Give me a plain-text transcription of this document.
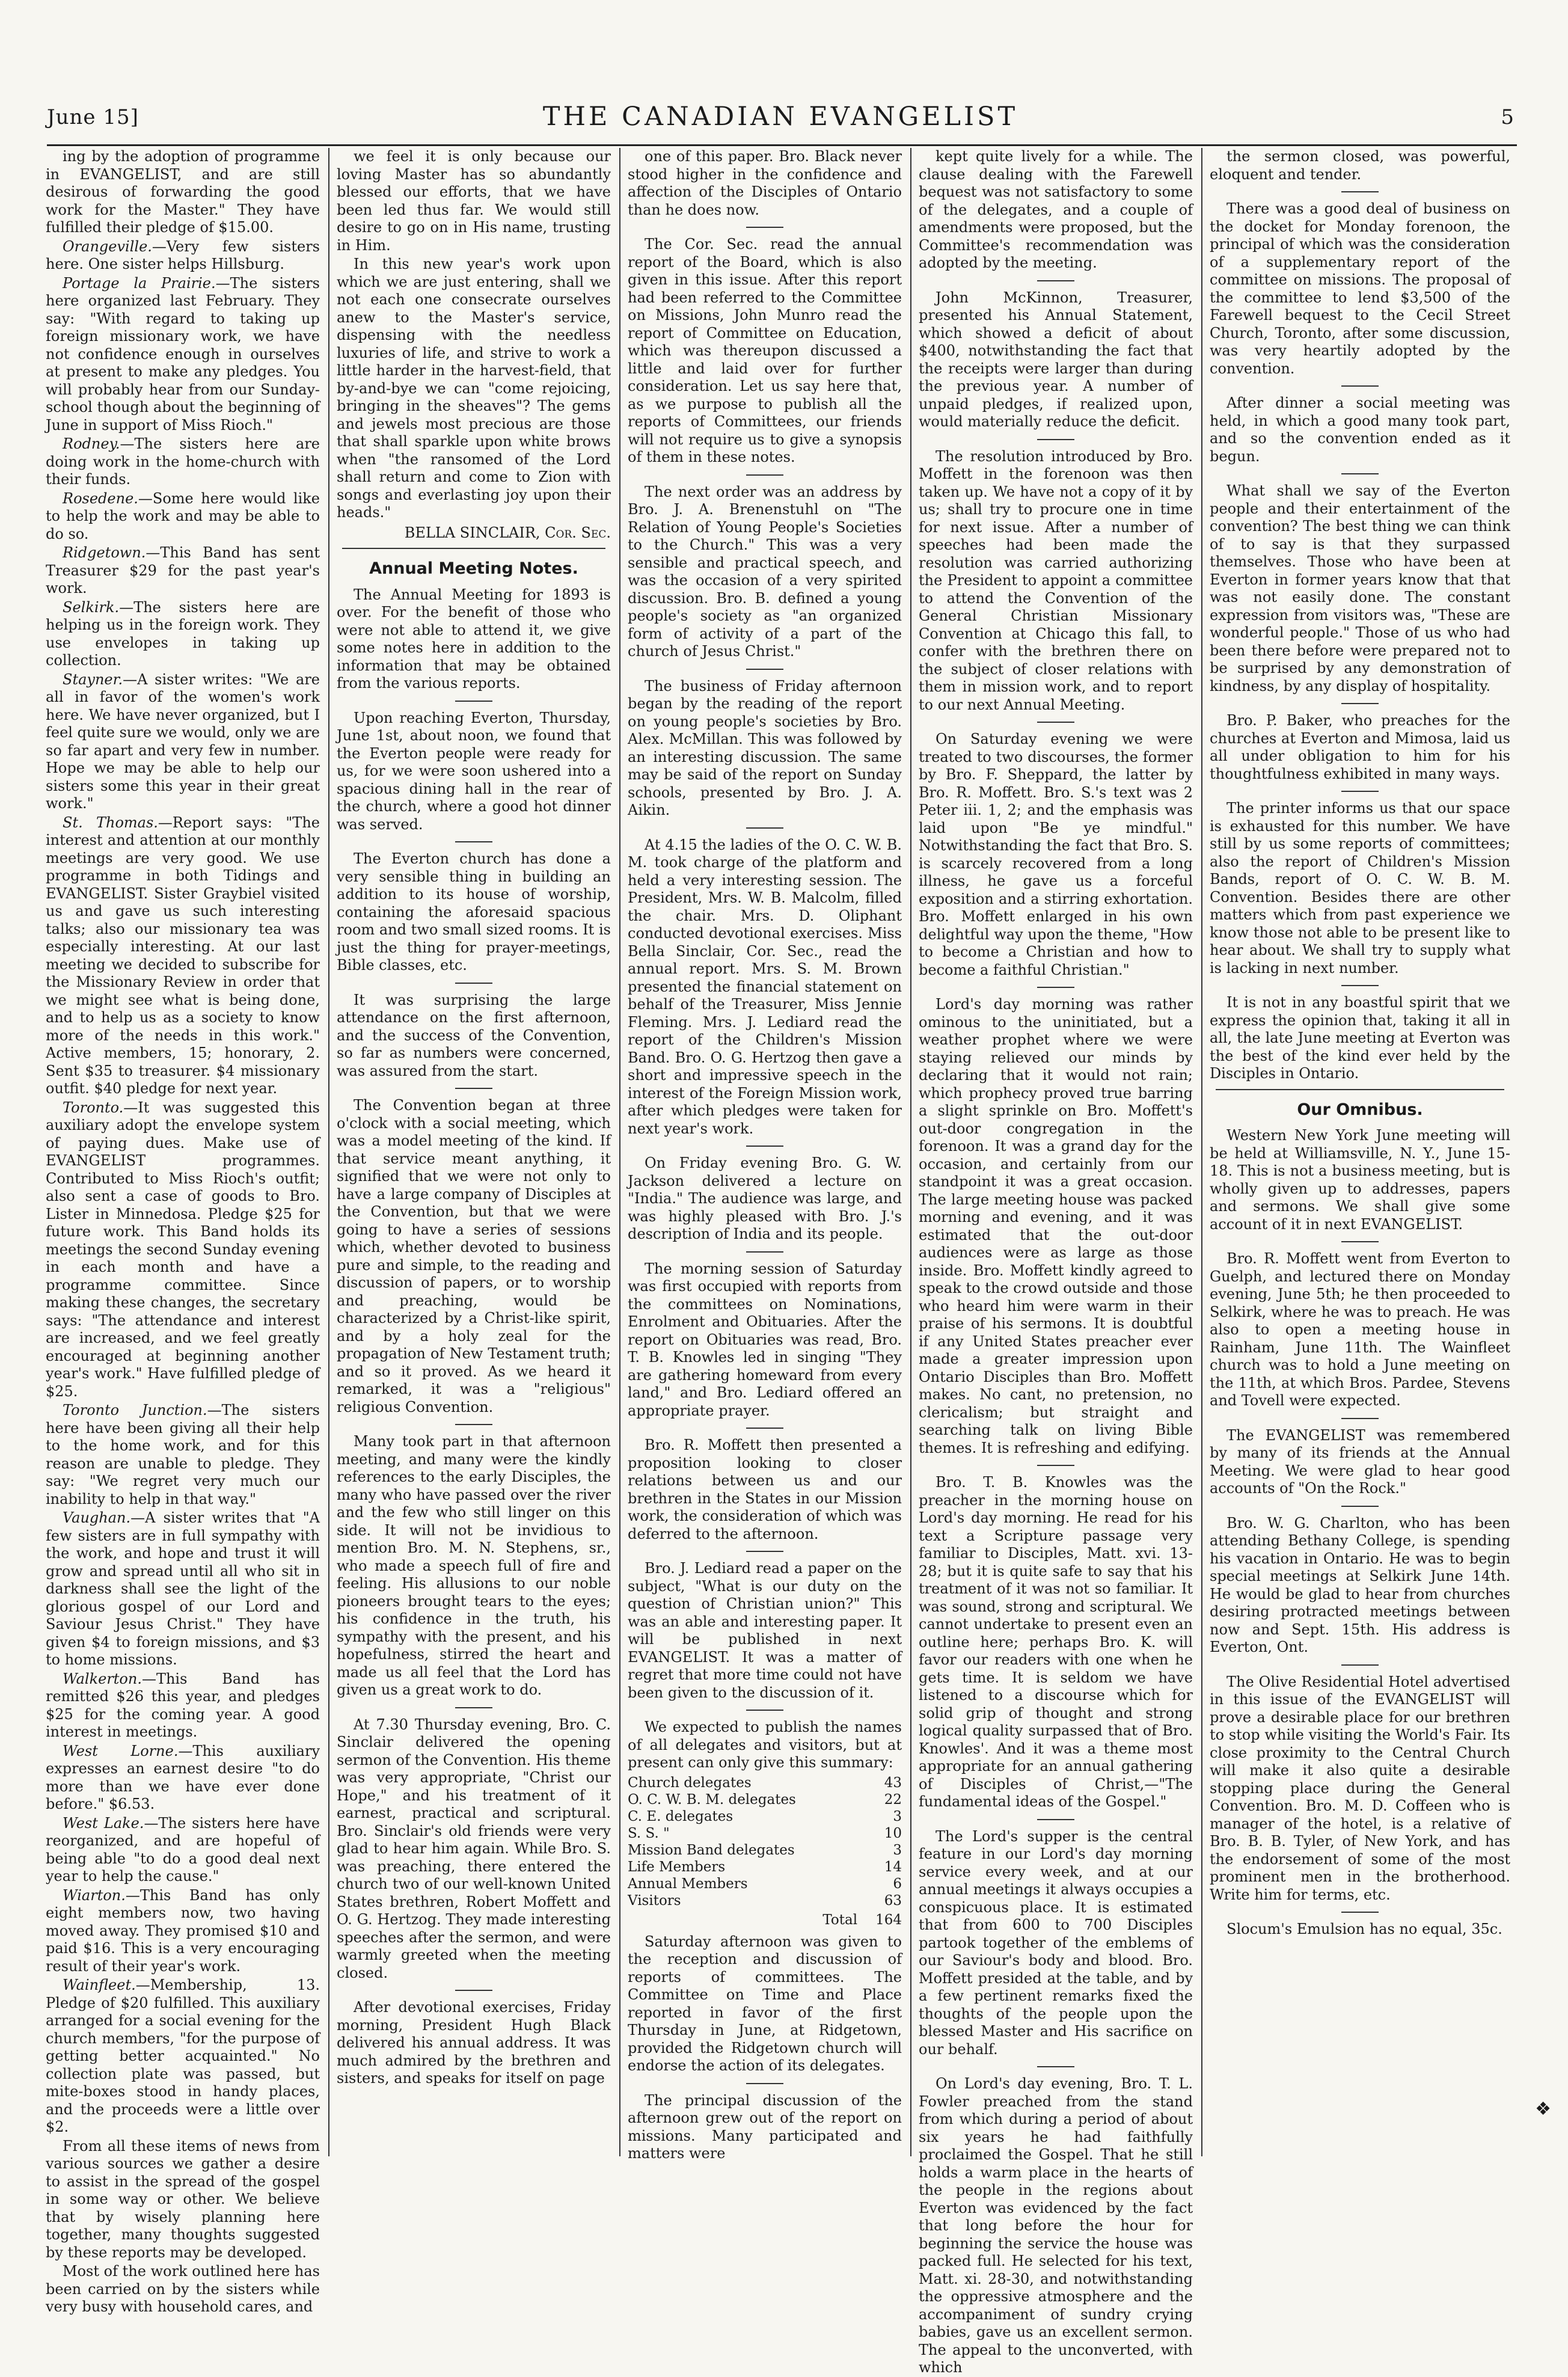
June 15]	THE CANADIAN EVANGELIST	5

ing by the adoption of programme in EVANGELIST, and are still desirous of forwarding the good work for the Master." They have fulfilled their pledge of $15.00.

Orangeville.—Very few sisters here. One sister helps Hillsburg.

Portage la Prairie.—The sisters here organized last February. They say: "With regard to taking up foreign missionary work, we have not confidence enough in ourselves at present to make any pledges. You will probably hear from our Sunday-school though about the beginning of June in support of Miss Rioch."

Rodney.—The sisters here are doing work in the home-church with their funds.

Rosedene.—Some here would like to help the work and may be able to do so.

Ridgetown.—This Band has sent Treasurer $29 for the past year's work.

Selkirk.—The sisters here are helping us in the foreign work. They use envelopes in taking up collection.

Stayner.—A sister writes: "We are all in favor of the women's work here. We have never organized, but I feel quite sure we would, only we are so far apart and very few in number. Hope we may be able to help our sisters some this year in their great work."

St. Thomas.—Report says: "The interest and attention at our monthly meetings are very good. We use programme in both Tidings and EVANGELIST. Sister Graybiel visited us and gave us such interesting talks; also our missionary tea was especially interesting. At our last meeting we decided to subscribe for the Missionary Review in order that we might see what is being done, and to help us as a society to know more of the needs in this work." Active members, 15; honorary, 2. Sent $35 to treasurer. $4 missionary outfit. $40 pledge for next year.

Toronto.—It was suggested this auxiliary adopt the envelope system of paying dues. Make use of EVANGELIST programmes. Contributed to Miss Rioch's outfit; also sent a case of goods to Bro. Lister in Minnedosa. Pledge $25 for future work. This Band holds its meetings the second Sunday evening in each month and have a programme committee. Since making these changes, the secretary says: "The attendance and interest are increased, and we feel greatly encouraged at beginning another year's work." Have fulfilled pledge of $25.

Toronto Junction.—The sisters here have been giving all their help to the home work, and for this reason are unable to pledge. They say: "We regret very much our inability to help in that way."

Vaughan.—A sister writes that "A few sisters are in full sympathy with the work, and hope and trust it will grow and spread until all who sit in darkness shall see the light of the glorious gospel of our Lord and Saviour Jesus Christ." They have given $4 to foreign missions, and $3 to home missions.

Walkerton.—This Band has remitted $26 this year, and pledges $25 for the coming year. A good interest in meetings.

West Lorne.—This auxiliary expresses an earnest desire "to do more than we have ever done before." $6.53.

West Lake.—The sisters here have reorganized, and are hopeful of being able "to do a good deal next year to help the cause."

Wiarton.—This Band has only eight members now, two having moved away. They promised $10 and paid $16. This is a very encouraging result of their year's work.

Wainfleet.—Membership, 13. Pledge of $20 fulfilled. This auxiliary arranged for a social evening for the church members, "for the purpose of getting better acquainted." No collection plate was passed, but mite-boxes stood in handy places, and the proceeds were a little over $2.

From all these items of news from various sources we gather a desire to assist in the spread of the gospel in some way or other. We believe that by wisely planning here together, many thoughts suggested by these reports may be developed.

Most of the work outlined here has been carried on by the sisters while very busy with household cares, and

we feel it is only because our loving Master has so abundantly blessed our efforts, that we have been led thus far. We would still desire to go on in His name, trusting in Him.

In this new year's work upon which we are just entering, shall we not each one consecrate ourselves anew to the Master's service, dispensing with the needless luxuries of life, and strive to work a little harder in the harvest-field, that by-and-bye we can "come rejoicing, bringing in the sheaves"? The gems and jewels most precious are those that shall sparkle upon white brows when "the ransomed of the Lord shall return and come to Zion with songs and everlasting joy upon their heads."

BELLA SINCLAIR, Cor. Sec.
Annual Meeting Notes.

The Annual Meeting for 1893 is over. For the benefit of those who were not able to attend it, we give some notes here in addition to the information that may be obtained from the various reports.

Upon reaching Everton, Thursday, June 1st, about noon, we found that the Everton people were ready for us, for we were soon ushered into a spacious dining hall in the rear of the church, where a good hot dinner was served.

The Everton church has done a very sensible thing in building an addition to its house of worship, containing the aforesaid spacious room and two small sized rooms. It is just the thing for prayer-meetings, Bible classes, etc.

It was surprising the large attendance on the first afternoon, and the success of the Convention, so far as numbers were concerned, was assured from the start.

The Convention began at three o'clock with a social meeting, which was a model meeting of the kind. If that service meant anything, it signified that we were not only to have a large company of Disciples at the Convention, but that we were going to have a series of sessions which, whether devoted to business pure and simple, to the reading and discussion of papers, or to worship and preaching, would be characterized by a Christ-like spirit, and by a holy zeal for the propagation of New Testament truth; and so it proved. As we heard it remarked, it was a "religious" religious Convention.

Many took part in that afternoon meeting, and many were the kindly references to the early Disciples, the many who have passed over the river and the few who still linger on this side. It will not be invidious to mention Bro. M. N. Stephens, sr., who made a speech full of fire and feeling. His allusions to our noble pioneers brought tears to the eyes; his confidence in the truth, his sympathy with the present, and his hopefulness, stirred the heart and made us all feel that the Lord has given us a great work to do.

At 7.30 Thursday evening, Bro. C. Sinclair delivered the opening sermon of the Convention. His theme was very appropriate, "Christ our Hope," and his treatment of it earnest, practical and scriptural. Bro. Sinclair's old friends were very glad to hear him again. While Bro. S. was preaching, there entered the church two of our well-known United States brethren, Robert Moffett and O. G. Hertzog. They made interesting speeches after the sermon, and were warmly greeted when the meeting closed.

After devotional exercises, Friday morning, President Hugh Black delivered his annual address. It was much admired by the brethren and sisters, and speaks for itself on page

one of this paper. Bro. Black never stood higher in the confidence and affection of the Disciples of Ontario than he does now.

The Cor. Sec. read the annual report of the Board, which is also given in this issue. After this report had been referred to the Committee on Missions, John Munro read the report of Committee on Education, which was thereupon discussed a little and laid over for further consideration. Let us say here that, as we purpose to publish all the reports of Committees, our friends will not require us to give a synopsis of them in these notes.

The next order was an address by Bro. J. A. Brenenstuhl on "The Relation of Young People's Societies to the Church." This was a very sensible and practical speech, and was the occasion of a very spirited discussion. Bro. B. defined a young people's society as "an organized form of activity of a part of the church of Jesus Christ."

The business of Friday afternoon began by the reading of the report on young people's societies by Bro. Alex. McMillan. This was followed by an interesting discussion. The same may be said of the report on Sunday schools, presented by Bro. J. A. Aikin.

At 4.15 the ladies of the O. C. W. B. M. took charge of the platform and held a very interesting session. The President, Mrs. W. B. Malcolm, filled the chair. Mrs. D. Oliphant conducted devotional exercises. Miss Bella Sinclair, Cor. Sec., read the annual report. Mrs. S. M. Brown presented the financial statement on behalf of the Treasurer, Miss Jennie Fleming. Mrs. J. Lediard read the report of the Children's Mission Band. Bro. O. G. Hertzog then gave a short and impressive speech in the interest of the Foreign Mission work, after which pledges were taken for next year's work.

On Friday evening Bro. G. W. Jackson delivered a lecture on "India." The audience was large, and was highly pleased with Bro. J.'s description of India and its people.

The morning session of Saturday was first occupied with reports from the committees on Nominations, Enrolment and Obituaries. After the report on Obituaries was read, Bro. T. B. Knowles led in singing "They are gathering homeward from every land," and Bro. Lediard offered an appropriate prayer.

Bro. R. Moffett then presented a proposition looking to closer relations between us and our brethren in the States in our Mission work, the consideration of which was deferred to the afternoon.

Bro. J. Lediard read a paper on the subject, "What is our duty on the question of Christian union?" This was an able and interesting paper. It will be published in next EVANGELIST. It was a matter of regret that more time could not have been given to the discussion of it.

We expected to publish the names of all delegates and visitors, but at present can only give this summary:

Church delegates	43
O. C. W. B. M. delegates	22
C. E. delegates	3
S. S. "	10
Mission Band delegates	3
Life Members	14
Annual Members	6
Visitors	63
Total 164

Saturday afternoon was given to the reception and discussion of reports of committees. The Committee on Time and Place reported in favor of the first Thursday in June, at Ridgetown, provided the Ridgetown church will endorse the action of its delegates.

The principal discussion of the afternoon grew out of the report on missions. Many participated and matters were

kept quite lively for a while. The clause dealing with the Farewell bequest was not satisfactory to some of the delegates, and a couple of amendments were proposed, but the Committee's recommendation was adopted by the meeting.

John McKinnon, Treasurer, presented his Annual Statement, which showed a deficit of about $400, notwithstanding the fact that the receipts were larger than during the previous year. A number of unpaid pledges, if realized upon, would materially reduce the deficit.

The resolution introduced by Bro. Moffett in the forenoon was then taken up. We have not a copy of it by us; shall try to procure one in time for next issue. After a number of speeches had been made the resolution was carried authorizing the President to appoint a committee to attend the Convention of the General Christian Missionary Convention at Chicago this fall, to confer with the brethren there on the subject of closer relations with them in mission work, and to report to our next Annual Meeting.

On Saturday evening we were treated to two discourses, the former by Bro. F. Sheppard, the latter by Bro. R. Moffett. Bro. S.'s text was 2 Peter iii. 1, 2; and the emphasis was laid upon "Be ye mindful." Notwithstanding the fact that Bro. S. is scarcely recovered from a long illness, he gave us a forceful exposition and a stirring exhortation. Bro. Moffett enlarged in his own delightful way upon the theme, "How to become a Christian and how to become a faithful Christian."

Lord's day morning was rather ominous to the uninitiated, but a weather prophet where we were staying relieved our minds by declaring that it would not rain; which prophecy proved true barring a slight sprinkle on Bro. Moffett's out-door congregation in the forenoon. It was a grand day for the occasion, and certainly from our standpoint it was a great occasion. The large meeting house was packed morning and evening, and it was estimated that the out-door audiences were as large as those inside. Bro. Moffett kindly agreed to speak to the crowd outside and those who heard him were warm in their praise of his sermons. It is doubtful if any United States preacher ever made a greater impression upon Ontario Disciples than Bro. Moffett makes. No cant, no pretension, no clericalism; but straight and searching talk on living Bible themes. It is refreshing and edifying.

Bro. T. B. Knowles was the preacher in the morning house on Lord's day morning. He read for his text a Scripture passage very familiar to Disciples, Matt. xvi. 13-28; but it is quite safe to say that his treatment of it was not so familiar. It was sound, strong and scriptural. We cannot undertake to present even an outline here; perhaps Bro. K. will favor our readers with one when he gets time. It is seldom we have listened to a discourse which for solid grip of thought and strong logical quality surpassed that of Bro. Knowles'. And it was a theme most appropriate for an annual gathering of Disciples of Christ,—"The fundamental ideas of the Gospel."

The Lord's supper is the central feature in our Lord's day morning service every week, and at our annual meetings it always occupies a conspicuous place. It is estimated that from 600 to 700 Disciples partook together of the emblems of our Saviour's body and blood. Bro. Moffett presided at the table, and by a few pertinent remarks fixed the thoughts of the people upon the blessed Master and His sacrifice on our behalf.

On Lord's day evening, Bro. T. L. Fowler preached from the stand from which during a period of about six years he had faithfully proclaimed the Gospel. That he still holds a warm place in the hearts of the people in the regions about Everton was evidenced by the fact that long before the hour for beginning the service the house was packed full. He selected for his text, Matt. xi. 28-30, and notwithstanding the oppressive atmosphere and the accompaniment of sundry crying babies, gave us an excellent sermon. The appeal to the unconverted, with which

the sermon closed, was powerful, eloquent and tender.

There was a good deal of business on the docket for Monday forenoon, the principal of which was the consideration of a supplementary report of the committee on missions. The proposal of the committee to lend $3,500 of the Farewell bequest to the Cecil Street Church, Toronto, after some discussion, was very heartily adopted by the convention.

After dinner a social meeting was held, in which a good many took part, and so the convention ended as it begun.

What shall we say of the Everton people and their entertainment of the convention? The best thing we can think of to say is that they surpassed themselves. Those who have been at Everton in former years know that that was not easily done. The constant expression from visitors was, "These are wonderful people." Those of us who had been there before were prepared not to be surprised by any demonstration of kindness, by any display of hospitality.

Bro. P. Baker, who preaches for the churches at Everton and Mimosa, laid us all under obligation to him for his thoughtfulness exhibited in many ways.

The printer informs us that our space is exhausted for this number. We have still by us some reports of committees; also the report of Children's Mission Bands, report of O. C. W. B. M. Convention. Besides there are other matters which from past experience we know those not able to be present like to hear about. We shall try to supply what is lacking in next number.

It is not in any boastful spirit that we express the opinion that, taking it all in all, the late June meeting at Everton was the best of the kind ever held by the Disciples in Ontario.

Our Omnibus.

Western New York June meeting will be held at Williamsville, N. Y., June 15-18. This is not a business meeting, but is wholly given up to addresses, papers and sermons. We shall give some account of it in next EVANGELIST.

Bro. R. Moffett went from Everton to Guelph, and lectured there on Monday evening, June 5th; he then proceeded to Selkirk, where he was to preach. He was also to open a meeting house in Rainham, June 11th. The Wainfleet church was to hold a June meeting on the 11th, at which Bros. Pardee, Stevens and Tovell were expected.

The EVANGELIST was remembered by many of its friends at the Annual Meeting. We were glad to hear good accounts of "On the Rock."

Bro. W. G. Charlton, who has been attending Bethany College, is spending his vacation in Ontario. He was to begin special meetings at Selkirk June 14th. He would be glad to hear from churches desiring protracted meetings between now and Sept. 15th. His address is Everton, Ont.

The Olive Residential Hotel advertised in this issue of the EVANGELIST will prove a desirable place for our brethren to stop while visiting the World's Fair. Its close proximity to the Central Church will make it also quite a desirable stopping place during the General Convention. Bro. M. D. Coffeen who is manager of the hotel, is a relative of Bro. B. B. Tyler, of New York, and has the endorsement of some of the most prominent men in the brotherhood. Write him for terms, etc.

Slocum's Emulsion has no equal, 35c.

❖
